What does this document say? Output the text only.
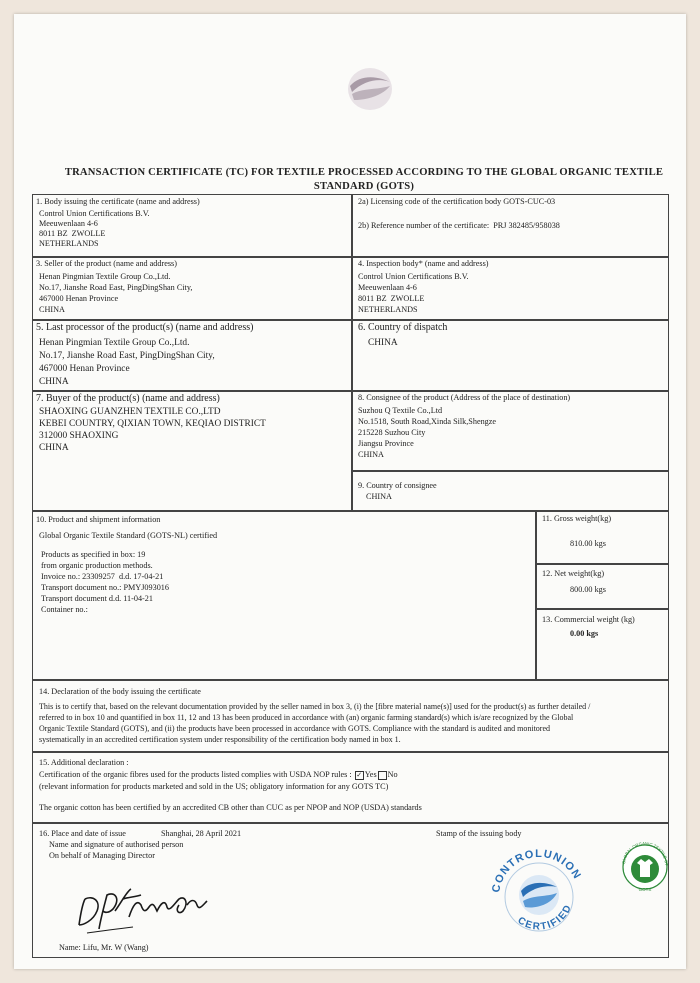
TRANSACTION CERTIFICATE (TC) FOR TEXTILE PROCESSED ACCORDING TO THE GLOBAL ORGANIC TEXTILE
STANDARD (GOTS)
1. Body issuing the certificate (name and address)
Control Union Certifications B.V.
Meeuwenlaan 4-6
8011 BZ  ZWOLLE
NETHERLANDS
2a) Licensing code of the certification body GOTS-CUC-03
2b) Reference number of the certificate:  PRJ 382485/958038
3. Seller of the product (name and address)
Henan Pingmian Textile Group Co.,Ltd.
No.17, Jianshe Road East, PingDingShan City,
467000 Henan Province
CHINA
4. Inspection body* (name and address)
Control Union Certifications B.V.
Meeuwenlaan 4-6
8011 BZ  ZWOLLE
NETHERLANDS
5. Last processor of the product(s) (name and address)
Henan Pingmian Textile Group Co.,Ltd.
No.17, Jianshe Road East, PingDingShan City,
467000 Henan Province
CHINA
6. Country of dispatch
CHINA
7. Buyer of the product(s) (name and address)
SHAOXING GUANZHEN TEXTILE CO.,LTD
KEBEI COUNTRY, QIXIAN TOWN, KEQIAO DISTRICT
312000 SHAOXING
CHINA
8. Consignee of the product (Address of the place of destination)
Suzhou Q Textile Co.,Ltd
No.1518, South Road,Xinda Silk,Shengze
215228 Suzhou City
Jiangsu Province
CHINA
9. Country of consignee
CHINA
10. Product and shipment information
Global Organic Textile Standard (GOTS-NL) certified
Products as specified in box: 19
from organic production methods.
Invoice no.: 23309257  d.d. 17-04-21
Transport document no.: PMYJ093016
Transport document d.d. 11-04-21
Container no.:
11. Gross weight(kg)
810.00 kgs
12. Net weight(kg)
800.00 kgs
13. Commercial weight (kg)
0.00 kgs
14. Declaration of the body issuing the certificate
This is to certify that, based on the relevant documentation provided by the seller named in box 3, (i) the [fibre material name(s)] used for the product(s) as further detailed /
referred to in box 10 and quantified in box 11, 12 and 13 has been produced in accordance with (an) organic farming standard(s) which is/are recognized by the Global
Organic Textile Standard (GOTS), and (ii) the products have been processed in accordance with GOTS. Compliance with the standard is audited and monitored
systematically in an accredited certification system under responsibility of the certification body named in box 1.
15. Additional declaration :
Certification of the organic fibres used for the products listed complies with USDA NOP rules : ✓ Yes No
(relevant information for products marketed and sold in the US; obligatory information for any GOTS TC)
The organic cotton has been certified by an accredited CB other than CUC as per NPOP and NOP (USDA) standards
16. Place and date of issue	Shanghai, 28 April 2021	Stamp of the issuing body
Name and signature of authorised person
On behalf of Managing Director
Name: Lifu, Mr. W (Wang)
CONTROLUNION
CERTIFIED
GLOBAL ORGANIC TEXTILE ST
GOTS
